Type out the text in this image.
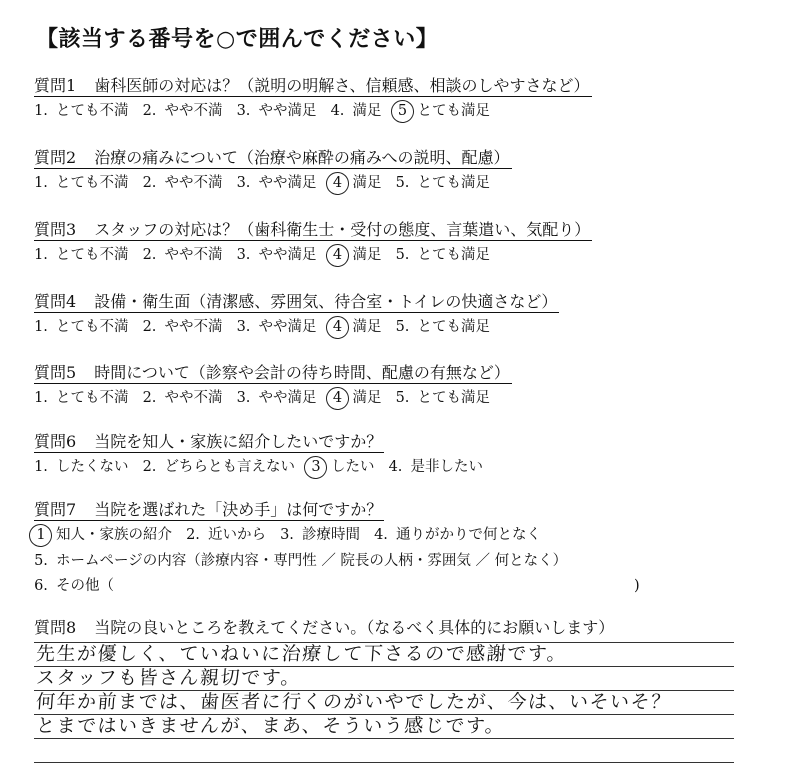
【該当する番号を○で囲んでください】
質問1 歯科医師の対応は？（説明の明解さ、信頼感、相談のしやすさなど）
1. とても不満 2. やや不満 3. やや満足 4. 満足 5 とても満足
質問2 治療の痛みについて（治療や麻酔の痛みへの説明、配慮）
1. とても不満 2. やや不満 3. やや満足 4 満足 5. とても満足
質問3 スタッフの対応は？（歯科衛生士・受付の態度、言葉遣い、気配り）
1. とても不満 2. やや不満 3. やや満足 4 満足 5. とても満足
質問4 設備・衛生面（清潔感、雰囲気、待合室・トイレの快適さなど）
1. とても不満 2. やや不満 3. やや満足 4 満足 5. とても満足
質問5 時間について（診察や会計の待ち時間、配慮の有無など）
1. とても不満 2. やや不満 3. やや満足 4 満足 5. とても満足
質問6 当院を知人・家族に紹介したいですか？
1. したくない 2. どちらとも言えない 3 したい 4. 是非したい
質問7 当院を選ばれた「決め手」は何ですか？
1 知人・家族の紹介 2. 近いから 3. 診療時間 4. 通りがかりで何となく
5. ホームページの内容（診療内容・専門性 ／ 院長の人柄・雰囲気 ／ 何となく）
6. その他（	)
質問8 当院の良いところを教えてください。（なるべく具体的にお願いします）
先生が優しく、ていねいに治療して下さるので感謝です。
スタッフも皆さん親切です。
何年か前までは、歯医者に行くのがいやでしたが、今は、いそいそ？
とまではいきませんが、まあ、そういう感じです。
